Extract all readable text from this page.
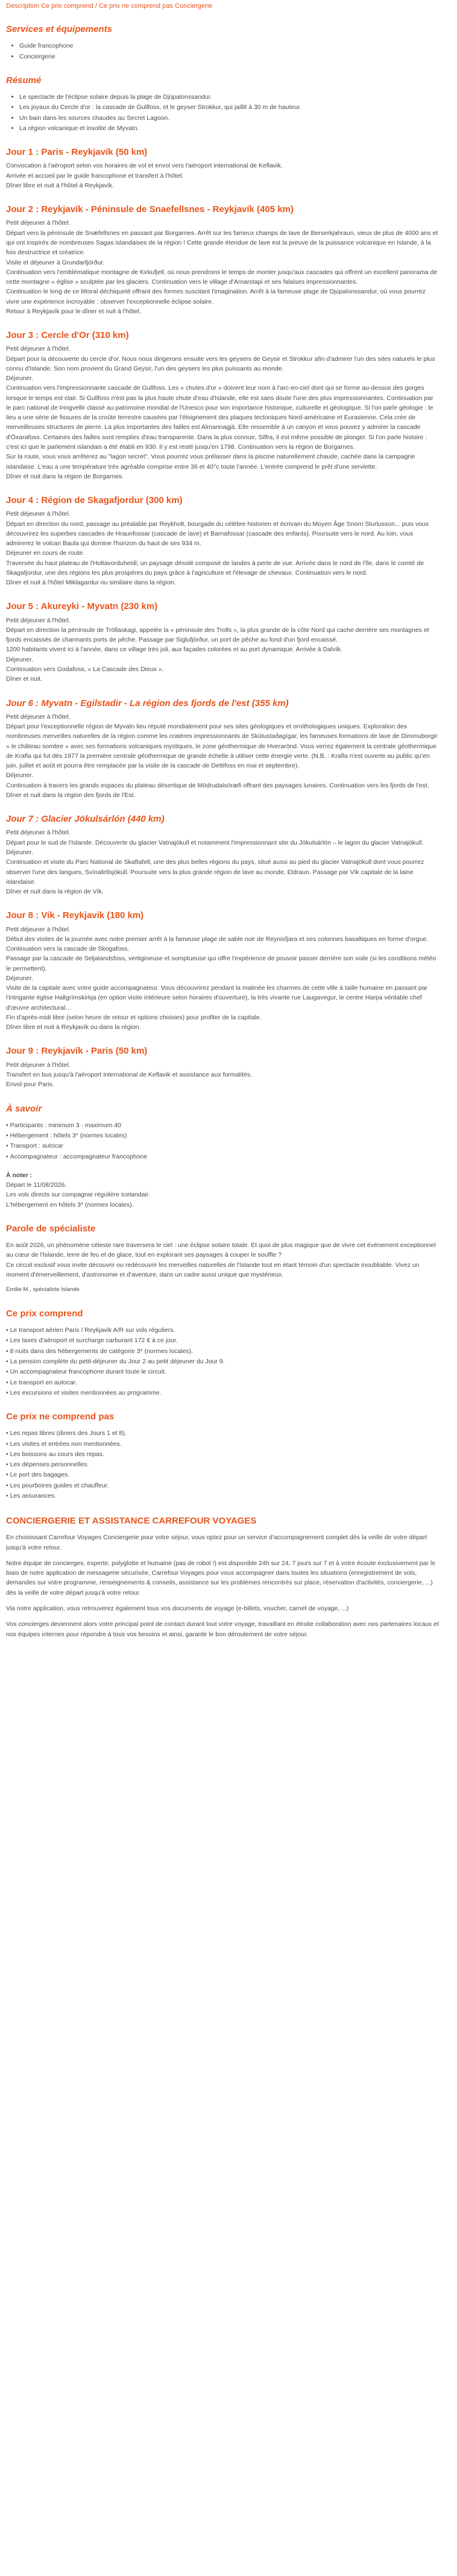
Description Ce prix comprend / Ce prix ne comprend pas Conciergerie
Services et équipements
• Guide francophone
• Conciergerie
Résumé
• Le spectacle de l'éclipse solaire depuis la plage de Djúpalonssandur.
• Les joyaux du Cercle d'or : la cascade de Gullfoss, et le geyser Strokkur, qui jaillit à 30 m de hauteur.
• Un bain dans les sources chaudes au Secret Lagoon.
• La région volcanique et insolite de Myvatn.
Jour 1 : Paris - Reykjavík (50 km)

Convocation à l'aéroport selon vos horaires de vol et envol vers l'aéroport international de Keflavik.

Arrivée et accueil par le guide francophone et transfert à l'hôtel.

Dîner libre et nuit à l'hôtel à Reykjavík.

Jour 2 : Reykjavík - Péninsule de Snaefellsnes - Reykjavík (405 km)

Petit déjeuner à l'hôtel.

Départ vers la péninsule de Snæfellsnes en passant par Borgarnes. Arrêt sur les fameux champs de lave de Berserkjahraun, vieux de plus de 4000 ans et qui ont inspirés de nombreuses Sagas islandaises de la région ! Cette grande étendue de lave est la preuve de la puissance volcanique en Islande, à la fois destructrice et créatrice.

Visite et déjeuner à Grundarfjörður.

Continuation vers l'emblématique montagne de Kirkufjell, où nous prendrons le temps de monter jusqu'aux cascades qui offrent un excellent panorama de cette montagne « église » sculptée par les glaciers. Continuation vers le village d'Arnarstapi et ses falaises impressionnantes.

Continuation le long de ce littoral déchiqueté offrant des formes suscitant l'imagination. Arrêt à la fameuse plage de Djúpalonssandur, où vous pourrez vivre une expérience incroyable : observer l'exceptionnelle éclipse solaire.

Retour à Reykjavík pour le dîner et nuit à l'hôtel.

Jour 3 : Cercle d'Or (310 km)

Petit déjeuner à l'hôtel.

Départ pour la découverte du cercle d'or. Nous nous dirigerons ensuite vers les geysers de Geysir et Strokkur afin d'admirer l'un des sites naturels le plus connu d'Islande. Son nom provient du Grand Geysir, l'un des geysers les plus puissants au monde.

Déjeuner.

Continuation vers l'impressionnante cascade de Gullfoss. Les « chutes d'or » doivent leur nom à l'arc-en-ciel dont qui se forme au-dessus des gorges lorsque le temps est clair. Si Gullfoss n'est pas la plus haute chute d'eau d'Islande, elle est sans doute l'une des plus impressionnantes. Continuation par le parc national de Þingvellir classé au patrimoine mondial de l'Unesco pour son importance historique, culturelle et géologique. Si l'on parle géologie : le lieu a une série de fissures de la croûte terrestre causées par l'éloignement des plaques tectoniques Nord-américaine et Eurasienne. Cela crée de merveilleuses structures de pierre. La plus importantes des failles est Almannagjá. Elle ressemble à un canyon et vous pouvez y admirer la cascade d'Öxarafoss. Certaines des failles sont remplies d'eau transparente. Dans la plus connue, Silfra, il est même possible de plonger. Si l'on parle histoire : c'est ici que le parlement islandais a été établi en 930. Il y est resté jusqu'en 1798. Continuation vers la région de Borgarnes.

Sur la route, vous vous arrêterez au "lagon secret". Vous pourrez vous prélasser dans la piscine naturellement chaude, cachée dans la campagne islandaise. L'eau a une température très agréable comprise entre 36 et 40°c toute l'année. L'entrée comprend le prêt d'une serviette.

Dîner et nuit dans la région de Borgarnes.

Jour 4 : Région de Skagafjordur (300 km)

Petit déjeuner à l'hôtel.

Départ en direction du nord, passage au préalable par Reykholt, bourgade du célèbre historien et écrivain du Moyen Âge Snorri Sturlusson... puis vous découvrirez les superbes cascades de Hraunfossar (cascade de lave) et Barnafossar (cascade des enfants). Poursuite vers le nord. Au loin, vous admirerez le volcan Baula qui domine l'horizon du haut de ses 934 m.

Déjeuner en cours de route.

Traversée du haut plateau de l'Holtavorduheidi; un paysage désolé composé de landes à perte de vue. Arrivée dans le nord de l'île, dans le comté de Skagafjordur, une des régions les plus prospères du pays grâce à l'agriculture et l'élevage de chevaux. Continuation vers le nord.

Dîner et nuit à l'hôtel Miklagardur ou similaire dans la région.

Jour 5 : Akureyki - Myvatn (230 km)

Petit déjeuner à l'hôtel.

Départ en direction la péninsule de Tröllaskagi, appelée la « péninsule des Trolls », la plus grande de la côte Nord qui cache derrière ses montagnes et fjords encaissés de charmants ports de pêche. Passage par Siglufjörður, un port de pêche au fond d'un fjord encaissé.

1200 habitants vivent ici à l'année, dans ce village très joli, aux façades colorées et au port dynamique. Arrivée à Dalvík.

Déjeuner.

Continuation vers Godafoss, « La Cascade des Dieux ».

Dîner et nuit.

Jour 6 : Myvatn - Egilstadir - La région des fjords de l'est (355 km)

Petit déjeuner à l'hôtel.

Départ pour l'exceptionnelle région de Myvatn lieu réputé mondialement pour ses sites géologiques et ornithologiques uniques. Exploration des nombreuses merveilles naturelles de la région comme les cratères impressionnants de Skútustaðagígar, les fameuses formations de lave de Dimmuborgir « le château sombre » avec ses formations volcaniques mystiques, le zone géothermique de Hverarönd. Vous verrez également la centrale géothermique de Krafla qui fut dès 1977 la première centrale géothermique de grande échelle à utiliser cette énergie verte. (N.B. : Krafla n'est ouverte au public qu'en juin, juillet et août et pourra être remplacée par la visite de la cascade de Dettifoss en mai et septembre).

Déjeuner.

Continuation à travers les grands espaces du plateau désertique de Mödrudalsöræfi offrant des paysages lunaires. Continuation vers les fjords de l'est.

Dîner et nuit dans la région des fjords de l'Est.

Jour 7 : Glacier Jökulsárlón (440 km)

Petit déjeuner à l'hôtel.

Départ pour le sud de l'Islande. Découverte du glacier Vatnajökull et notamment l'impressionnant site du Jökulsárlón – le lagon du glacier Vatnajökull.

Déjeuner.

Continuation et visite du Parc National de Skaftafell, une des plus belles régions du pays, situé aussi au pied du glacier Vatnajökull dont vous pourrez observer l'une des langues, Svínafellsjökull. Poursuite vers la plus grande région de lave au monde, Eldraun. Passage par Vík capitale de la laine islandaise.

Dîner et nuit dans la région de Vík.

Jour 8 : Vik - Reykjavik (180 km)

Petit déjeuner à l'hôtel.

Début des visites de la journée avec notre premier arrêt à la fameuse plage de sable noir de Reynisfjara et ses colonnes basaltiques en forme d'orgue.

Continuation vers la cascade de Skogafoss.

Passage par la cascade de Seljalandsfoss, vertigineuse et somptueuse qui offre l'expérience de pouvoir passer derrière son voile (si les conditions météo le permettent).

Déjeuner.

Visite de la capitale avec votre guide accompagnateur. Vous découvrirez pendant la matinée les charmes de cette ville à taille humaine en passant par l'intrigante église Hallgrímskirkja (en option visite intérieure selon horaires d'ouverture), la très vivante rue Laugavegur, le centre Harpa véritable chef d'œuvre architectural…

Fin d'après-midi libre (selon heure de retour et options choisies) pour profiter de la capitale.

Dîner libre et nuit à Reykjavík ou dans la région.

Jour 9 : Reykjavík - Paris (50 km)

Petit déjeuner à l'hôtel.

Transfert en bus jusqu'à l'aéroport international de Keflavik et assistance aux formalités.

Envol pour Paris.

À savoir
• Participants : minimum 3 - maximum 40
• Hébergement : hôtels 3* (normes locales)
• Transport : autocar
• Accompagnateur : accompagnateur francophone

À noter :

Départ le 11/08/2026.

Les vols directs sur compagnie régulière Icelandair.

L'hébergement en hôtels 3* (normes locales).

Parole de spécialiste

En août 2026, un phénomène céleste rare traversera le ciel : une éclipse solaire totale. Et quoi de plus magique que de vivre cet événement exceptionnel au cœur de l'Islande, terre de feu et de glace, tout en explorant ses paysages à couper le souffle ?

Ce circuit exclusif vous invite découvrir ou redécouvrir les merveilles naturelles de l'Islande tout en étant témoin d'un spectacle inoubliable. Vivez un moment d'émerveillement, d'astronomie et d'aventure, dans un cadre aussi unique que mystérieux.

Emilie M., spécialiste Islande

Ce prix comprend
• Le transport aérien Paris / Reykjavik A/R sur vols réguliers.
• Les taxes d'aéroport et surcharge carburant 172 € à ce jour.
• 8 nuits dans des hébergements de catégorie 3* (normes locales).
• La pension complète du petit-déjeuner du Jour 2 au petit déjeuner du Jour 9.
• Un accompagnateur francophone durant toute le circuit.
• Le transport en autocar.
• Les excursions et visites mentionnées au programme.
Ce prix ne comprend pas
• Les repas libres (diners des Jours 1 et 8).
• Les visites et entrées non mentionnées.
• Les boissons au cours des repas.
• Les dépenses personnelles.
• Le port des bagages.
• Les pourboires guides et chauffeur.
• Les assurances.
CONCIERGERIE ET ASSISTANCE CARREFOUR VOYAGES

En choisissant Carrefour Voyages Conciergerie pour votre séjour, vous optez pour un service d'accompagnement complet dès la veille de votre départ jusqu'à votre retour.

Notre équipe de concierges, experte, polyglotte et humaine (pas de robot !) est disponible 24h sur 24, 7 jours sur 7 et à votre écoute exclusivement par le biais de notre application de messagerie sécurisée, Carrefour Voyages pour vous accompagner dans toutes les situations (enregistrement de vols, demandes sur votre programme, renseignements & conseils, assistance sur les problèmes rencontrés sur place, réservation d'activités, conciergerie, ...) dès la veille de votre départ jusqu'à votre retour.

Via notre application, vous retrouverez également tous vos documents de voyage (e-billets, voucher, carnet de voyage, ...)

Vos concierges deviennent alors votre principal point de contact durant tout votre voyage, travaillant en étroite collaboration avec nos partenaires locaux et nos équipes internes pour répondre à tous vos besoins et ainsi, garantir le bon déroulement de votre séjour.
